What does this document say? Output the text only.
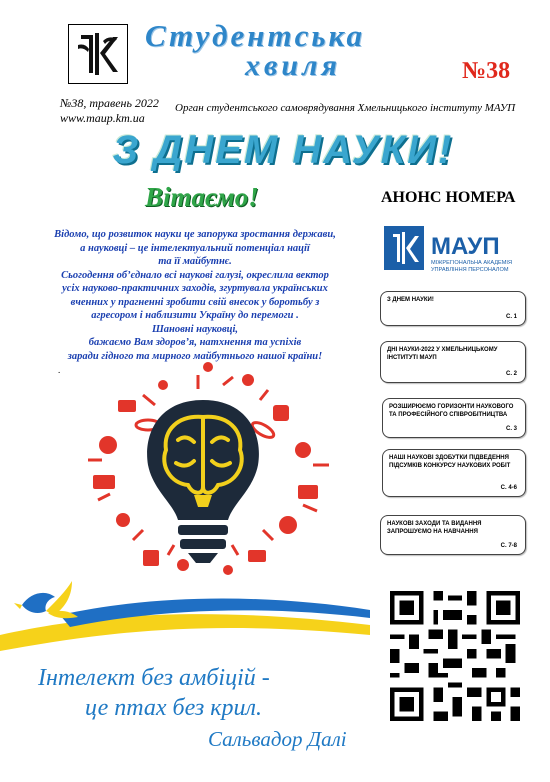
Студентська
хвиля	№38
№38, травень 2022
www.maup.km.ua
Орган студентського самоврядування Хмельницького інституту МАУП
З ДНЕМ НАУКИ!
Вітаємо!
Відомо, що розвиток науки це запорука зростання держави,
а науковці – це інтелектуальний потенціал нації
та її майбутнє.
Сьогодення об’єднало всі наукові галузі, окреслила вектор
усіх науково-практичних заходів, згуртувала українських
вченних у прагненні зробити свій внесок у боротьбу з
агресором і наблизити Україну до перемоги .
Шановні науковці,
бажаємо Вам здоров’я, натхнення та успіхів
заради гідного та мирного майбутнього нашої країни!
.
АНОНС НОМЕРА
МАУП
МІЖРЕГІОНАЛЬНА АКАДЕМІЯ
УПРАВЛІННЯ ПЕРСОНАЛОМ
З ДНЕМ НАУКИ!
С. 1
ДНІ НАУКИ-2022 У ХМЕЛЬНИЦЬКОМУ ІНСТИТУТІ МАУП
С. 2
РОЗШИРЮЄМО ГОРИЗОНТИ НАУКОВОГО ТА ПРОФЕСІЙНОГО СПІВРОБІТНИЦТВА
С. 3
НАШІ НАУКОВІ ЗДОБУТКИ ПІДВЕДЕННЯ ПІДСУМКІВ КОНКУРСУ НАУКОВИХ РОБІТ
С. 4-6
НАУКОВІ ЗАХОДИ ТА ВИДАННЯ ЗАПРОШУЄМО НА НАВЧАННЯ
С. 7-8
Інтелект без амбіцій -
це птах без крил.
Сальвадор Далі
